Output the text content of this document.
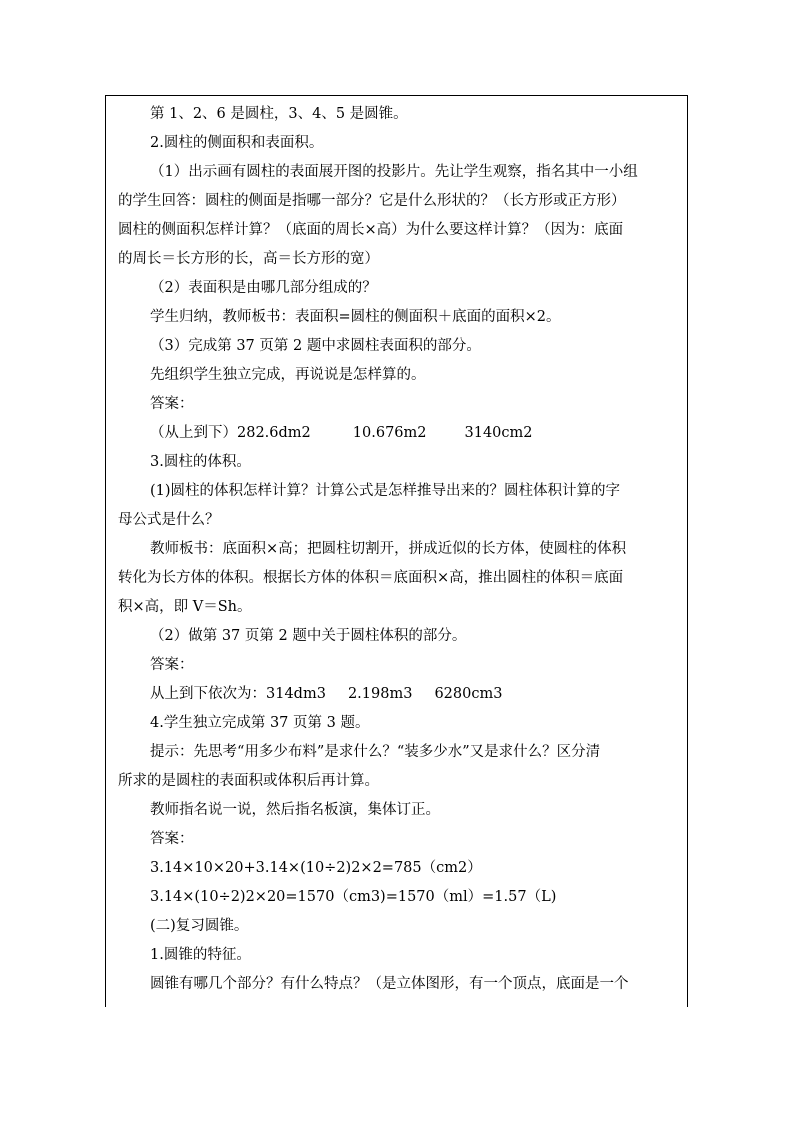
第 1、2、6 是圆柱，3、4、5 是圆锥。
2.圆柱的侧面积和表面积。
（1）出示画有圆柱的表面展开图的投影片。先让学生观察，指名其中一小组
的学生回答：圆柱的侧面是指哪一部分？它是什么形状的？（长方形或正方形）
圆柱的侧面积怎样计算？（底面的周长×高）为什么要这样计算？（因为：底面
的周长＝长方形的长，高＝长方形的宽）
（2）表面积是由哪几部分组成的？
学生归纳，教师板书：表面积=圆柱的侧面积＋底面的面积×2。
（3）完成第 37 页第 2 题中求圆柱表面积的部分。
先组织学生独立完成，再说说是怎样算的。
答案：
（从上到下）282.6dm2	10.676m2	3140cm2
3.圆柱的体积。
(1)圆柱的体积怎样计算？计算公式是怎样推导出来的？圆柱体积计算的字
母公式是什么？
教师板书：底面积×高；把圆柱切割开，拼成近似的长方体，使圆柱的体积
转化为长方体的体积。根据长方体的体积＝底面积×高，推出圆柱的体积＝底面
积×高，即 V＝Sh。
（2）做第 37 页第 2 题中关于圆柱体积的部分。
答案：
从上到下依次为：314dm3 2.198m3 6280cm3
4.学生独立完成第 37 页第 3 题。
提示：先思考“用多少布料”是求什么？“装多少水”又是求什么？区分清
所求的是圆柱的表面积或体积后再计算。
教师指名说一说，然后指名板演，集体订正。
答案：
3.14×10×20+3.14×(10÷2)2×2=785（cm2）
3.14×(10÷2)2×20=1570（cm3)=1570（ml）=1.57（L)
(二)复习圆锥。
1.圆锥的特征。
圆锥有哪几个部分？有什么特点？（是立体图形，有一个顶点，底面是一个
